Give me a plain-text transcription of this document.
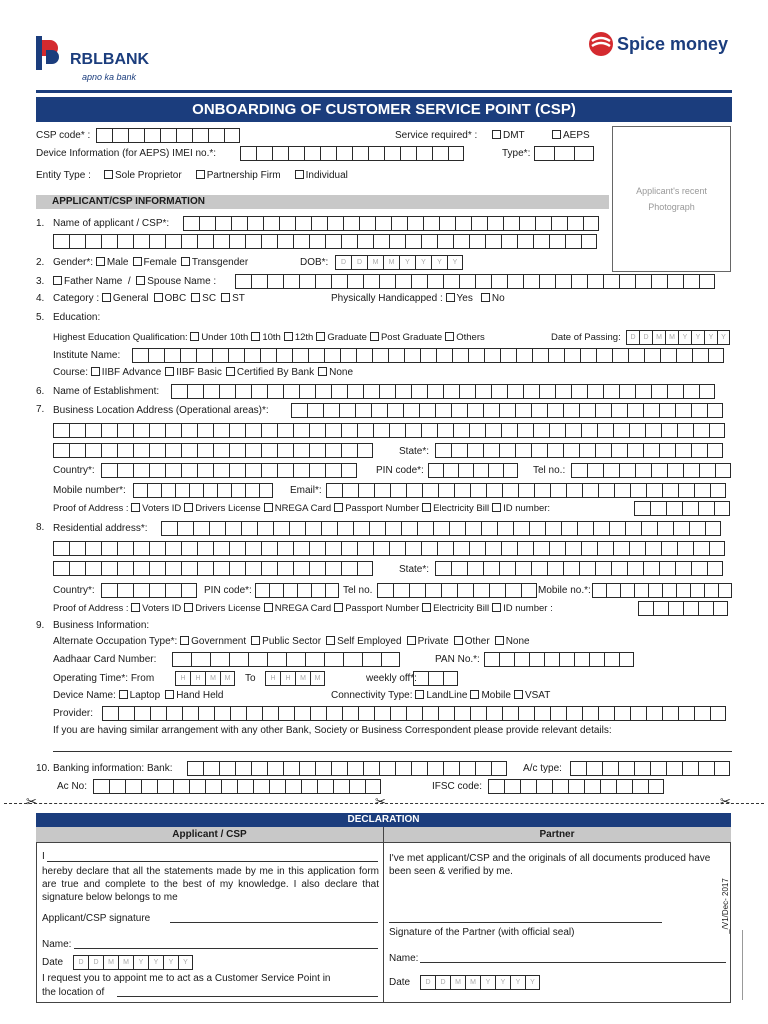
RBLBANK
apno ka bank
Spice money
ONBOARDING OF CUSTOMER SERVICE POINT (CSP)
CSP code* :	Service required* :	DMT	AEPS
Device Information (for AEPS) IMEI no.*:	Type*:
Entity Type :	Sole Proprietor	Partnership Firm	Individual
Applicant's recent Photograph
APPLICANT/CSP INFORMATION
1. Name of applicant / CSP*:
2. Gender*: Male Female Transgender	DOB*:	D	D	M	M	Y	Y	Y	Y
3.	Father Name / Spouse Name :
4. Category : General OBC SC ST	Physically Handicapped : Yes No
5. Education:
Highest Education Qualification: Under 10th 10th 12th Graduate Post Graduate Others	Date of Passing:	D	D	M	M	Y	Y	Y	Y
Institute Name:
Course: IIBF Advance IIBF Basic Certified By Bank None
6. Name of Establishment:
7. Business Location Address (Operational areas)*:
State*:
Country*:	PIN code*:	Tel no.:
Mobile number*:	Email*:
Proof of Address : Voters ID Drivers License NREGA Card Passport Number Electricity Bill ID number:
8. Residential address*:
State*:
Country*:	PIN code*:	Tel no.	Mobile no.*:
Proof of Address : Voters ID Drivers License NREGA Card Passport Number Electricity Bill ID number :
9. Business Information:
Alternate Occupation Type*: Government Public Sector Self Employed Private Other None
Aadhaar Card Number:	PAN No.*:
Operating Time*: From	H	H	M	M	To	H	H	M	M	weekly off*:
Device Name: Laptop Hand Held	Connectivity Type: LandLine Mobile VSAT
Provider:
If you are having similar arrangement with any other Bank, Society or Business Correspondent please provide relevant details:
10. Banking information: Bank:	A/c type:
Ac No:	IFSC code:
✂	✂	✂
DECLARATION
Applicant / CSP	Partner
I
hereby declare that all the statements made by me in this application form are true and complete to the best of my knowledge. I also declare that signature below belongs to me
Applicant/CSP signature
Name:
Date	D	D	M	M	Y	Y	Y	Y
I request you to appoint me to act as a Customer Service Point in
the location of
I've met applicant/CSP and the originals of all documents produced have been seen & verified by me.
Signature of the Partner (with official seal)
Name:
Date	D	D	M	M	Y	Y	Y	Y
_/V1/Dec- 2017
